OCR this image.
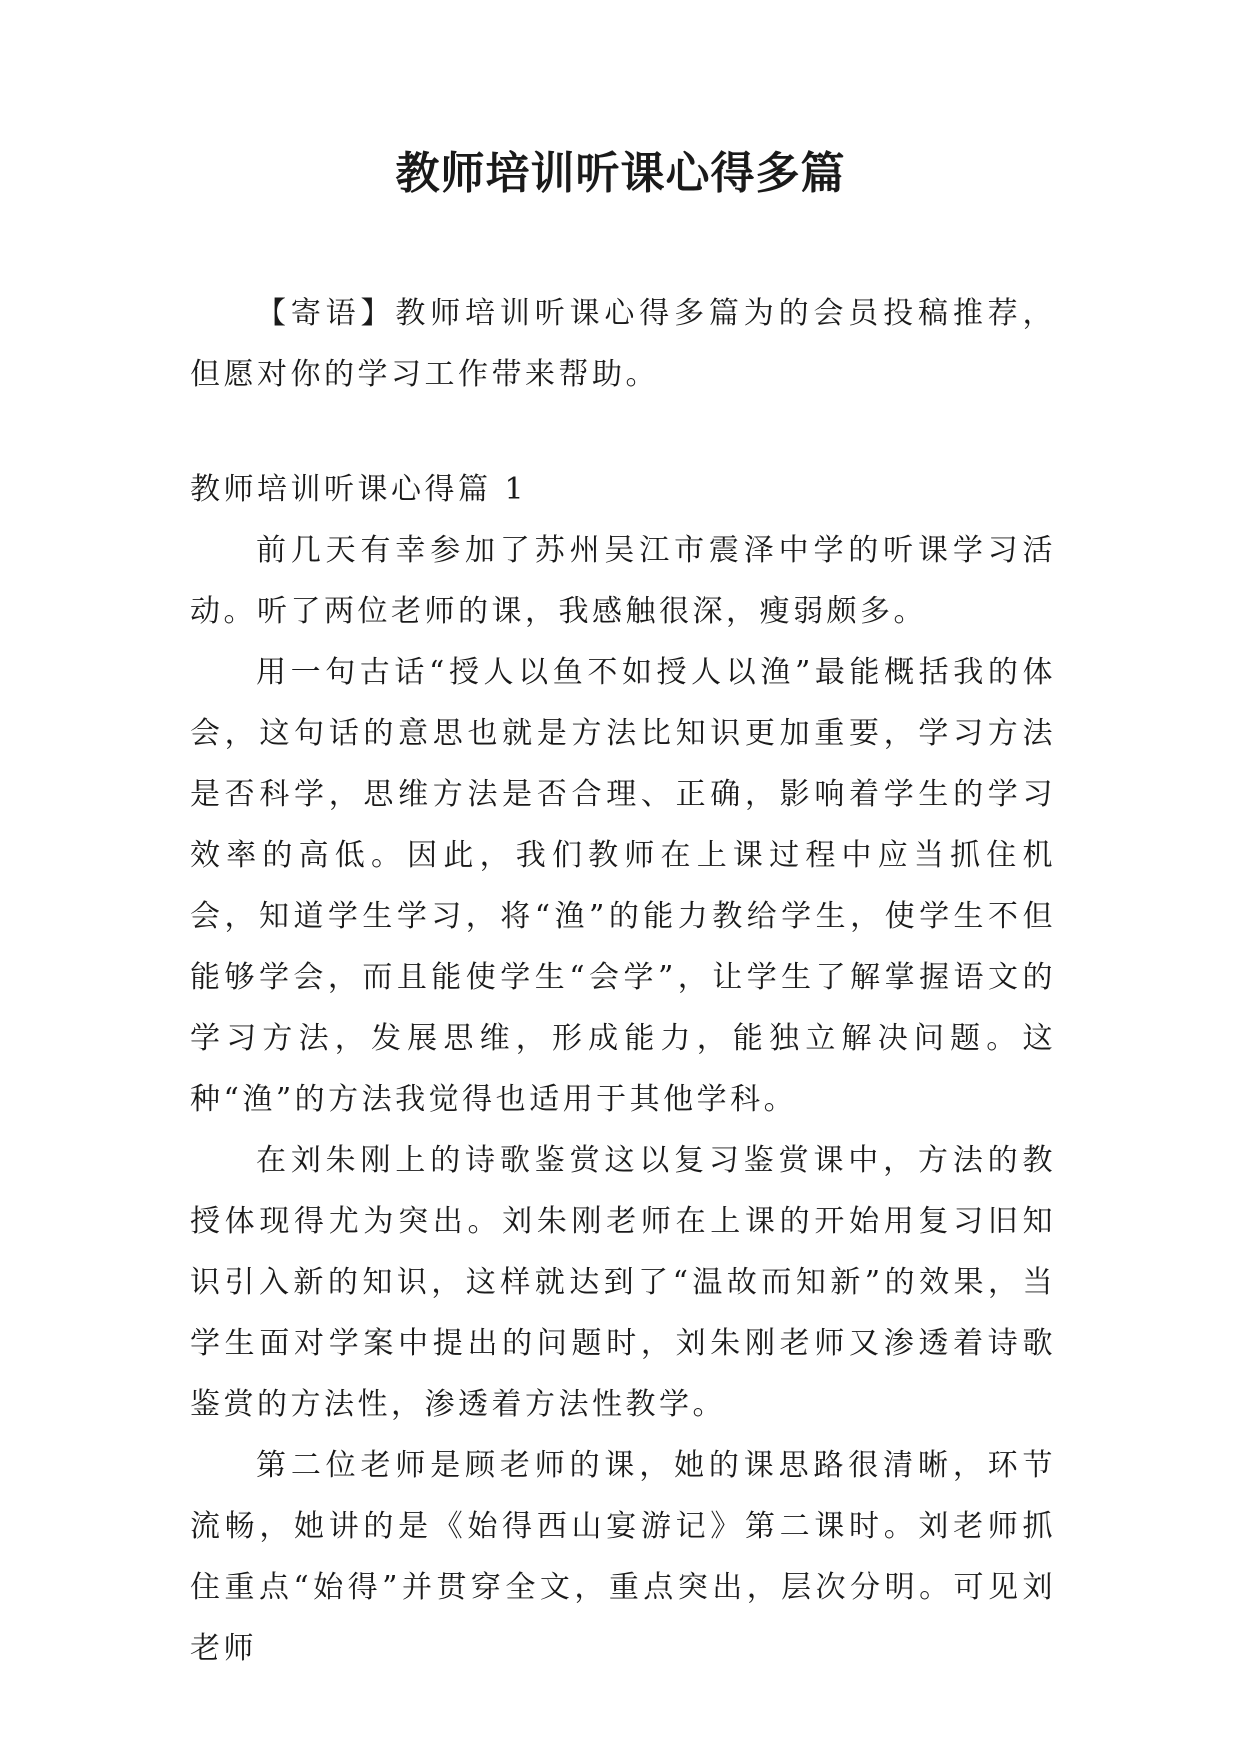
教师培训听课心得多篇

【寄语】教师培训听课心得多篇为的会员投稿推荐，但愿对你的学习工作带来帮助。

教师培训听课心得篇 1

前几天有幸参加了苏州吴江市震泽中学的听课学习活动。听了两位老师的课，我感触很深，瘦弱颇多。

用一句古话“授人以鱼不如授人以渔”最能概括我的体会，这句话的意思也就是方法比知识更加重要，学习方法是否科学，思维方法是否合理、正确，影响着学生的学习效率的高低。因此，我们教师在上课过程中应当抓住机会，知道学生学习，将“渔”的能力教给学生，使学生不但能够学会，而且能使学生“会学”，让学生了解掌握语文的学习方法，发展思维，形成能力，能独立解决问题。这种“渔”的方法我觉得也适用于其他学科。

在刘朱刚上的诗歌鉴赏这以复习鉴赏课中，方法的教授体现得尤为突出。刘朱刚老师在上课的开始用复习旧知识引入新的知识，这样就达到了“温故而知新”的效果，当学生面对学案中提出的问题时，刘朱刚老师又渗透着诗歌鉴赏的方法性，渗透着方法性教学。

第二位老师是顾老师的课，她的课思路很清晰，环节流畅，她讲的是《始得西山宴游记》第二课时。刘老师抓住重点“始得”并贯穿全文，重点突出，层次分明。可见刘老师
